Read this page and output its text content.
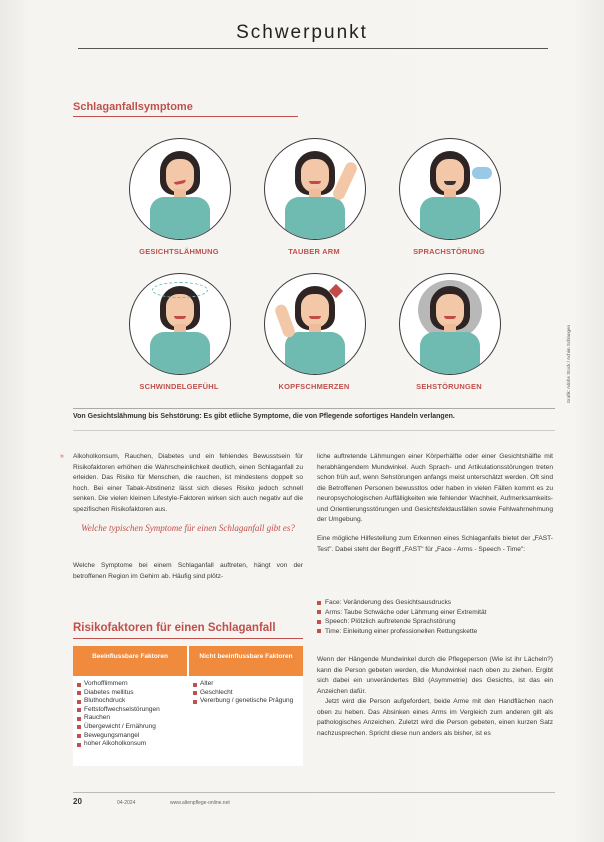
Schwerpunkt
Schlaganfallsymptome
GESICHTSLÄHMUNG	TAUBER ARM	SPRACHSTÖRUNG
SCHWINDELGEFÜHL	KOPFSCHMERZEN	SEHSTÖRUNGEN	Grafik: Adobe Stock / Achim Schlangen
Von Gesichtslähmung bis Sehstörung: Es gibt etliche Symptome, die von Pflegende sofortiges Handeln verlangen.
» Alkoholkonsum, Rauchen, Diabetes und ein fehlendes Bewusstsein für Risikofaktoren erhöhen die Wahrscheinlichkeit deutlich, einen Schlaganfall zu erleiden. Das Risiko für Menschen, die rauchen, ist mindestens doppelt so hoch. Bei einer Tabak-Abstinenz lässt sich dieses Risiko jedoch schnell senken. Die vielen kleinen Lifestyle-Faktoren wirken sich auch negativ auf die spezifischen Risikofaktoren aus.
Welche typischen Symptome für einen Schlaganfall gibt es?
Welche Symptome bei einem Schlaganfall auftreten, hängt von der betroffenen Region im Gehirn ab. Häufig sind plötz-
liche auftretende Lähmungen einer Körperhälfte oder einer Gesichtshälfte mit herabhängendem Mundwinkel. Auch Sprach- und Artikulationsstörungen treten schon früh auf, wenn Sehstörungen anfangs meist unterschätzt werden. Oft sind die Betroffenen Personen bewusstlos oder haben in vielen Fällen kommt es zu neuropsychologischen Auffälligkeiten wie fehlender Wachheit, Aufmerksamkeits- und Orientierungsstörungen und Gesichtsfeldausfällen sowie Fehlwahrnehmung der Umgebung.
Eine mögliche Hilfestellung zum Erkennen eines Schlaganfalls bietet der „FAST-Test". Dabei steht der Begriff „FAST" für „Face - Arms - Speech - Time":
Face: Veränderung des Gesichtsausdrucks
Arms: Taube Schwäche oder Lähmung einer Extremität
Speech: Plötzlich auftretende Sprachstörung
Time: Einleitung einer professionellen Rettungskette
Wenn der Hängende Mundwinkel durch die Pflegeperson (Wie ist ihr Lächeln?) kann die Person gebeten werden, die Mundwinkel nach oben zu ziehen. Ergibt sich dabei ein unverändertes Bild (Asymmetrie) des Gesichts, ist das ein Anzeichen dafür.
Jetzt wird die Person aufgefordert, beide Arme mit den Handflächen nach oben zu heben. Das Absinken eines Arms im Vergleich zum anderen gilt als pathologisches Anzeichen. Zuletzt wird die Person gebeten, einen kurzen Satz nachzusprechen. Spricht diese nun anders als bisher, ist es
Risikofaktoren für einen Schlaganfall
Beeinflussbare Faktoren	Nicht beeinflussbare Faktoren
Vorhofflimmern
Diabetes mellitus
Bluthochdruck
Fettstoffwechselstörungen
Rauchen
Übergewicht / Ernährung
Bewegungsmangel
hoher Alkoholkonsum
Alter
Geschlecht
Vererbung / genetische Prägung
20	04-2024	www.altenpflege-online.net
